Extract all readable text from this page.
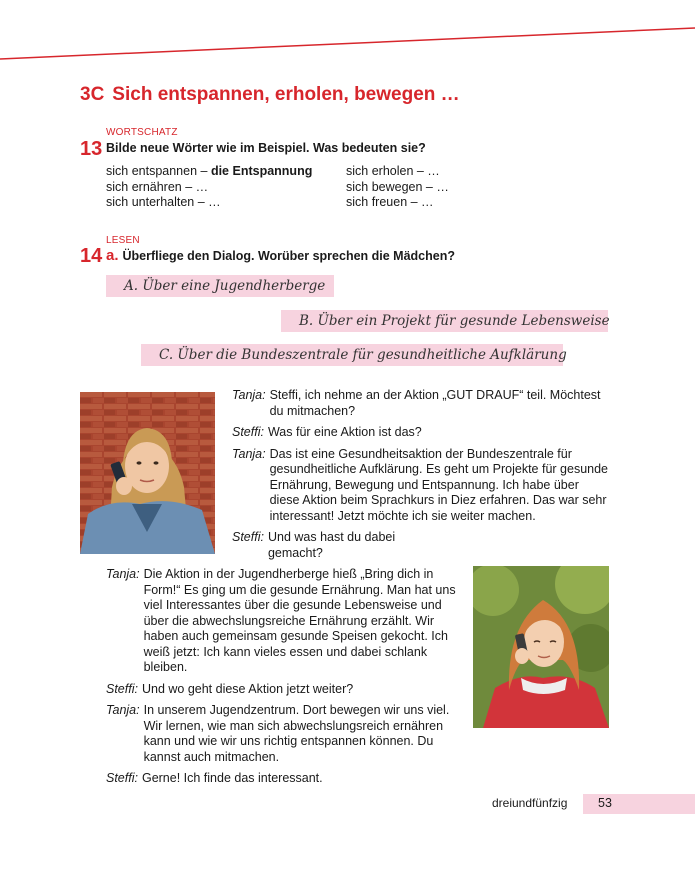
3C Sich entspannen, erholen, bewegen …
WORTSCHATZ
13 Bilde neue Wörter wie im Beispiel. Was bedeuten sie?
sich entspannen – die Entspannung
sich ernähren – …
sich unterhalten – …
sich erholen – …
sich bewegen – …
sich freuen – …
LESEN
14 a. Überfliege den Dialog. Worüber sprechen die Mädchen?
A. Über eine Jugendherberge
B. Über ein Projekt für gesunde Lebensweise
C. Über die Bundeszentrale für gesundheitliche Aufklärung
Tanja: Steffi, ich nehme an der Aktion „GUT DRAUF“ teil. Möchtest du mitmachen?
Steffi: Was für eine Aktion ist das?
Tanja: Das ist eine Gesundheitsaktion der Bundeszentrale für gesundheitliche Aufklärung. Es geht um Projekte für gesunde Ernährung, Bewegung und Entspannung. Ich habe über diese Aktion beim Sprachkurs in Diez erfahren. Das war sehr interessant! Jetzt möchte ich sie weiter machen.
Steffi: Und was hast du dabei gemacht?
Tanja: Die Aktion in der Jugendherberge hieß „Bring dich in Form!“ Es ging um die gesunde Ernährung. Man hat uns viel Interessantes über die gesunde Lebensweise und über die abwechslungsreiche Ernährung erzählt. Wir haben auch gemeinsam gesunde Speisen gekocht. Ich weiß jetzt: Ich kann vieles essen und dabei schlank bleiben.
Steffi: Und wo geht diese Aktion jetzt weiter?
Tanja: In unserem Jugendzentrum. Dort bewegen wir uns viel. Wir lernen, wie man sich abwechslungsreich ernähren kann und wie wir uns richtig entspannen können. Du kannst auch mitmachen.
Steffi: Gerne! Ich finde das interessant.
dreiundfünfzig 53
